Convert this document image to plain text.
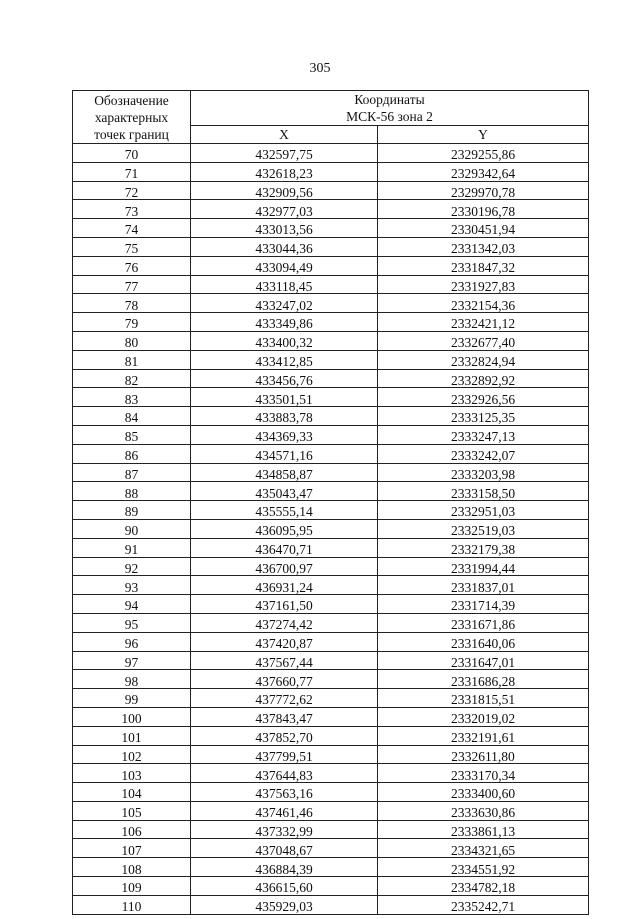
305
Обозначение
характерных
точек границ	Координаты
МСК-56 зона 2	

	X	Y
70	432597,75	2329255,86
71	432618,23	2329342,64
72	432909,56	2329970,78
73	432977,03	2330196,78
74	433013,56	2330451,94
75	433044,36	2331342,03
76	433094,49	2331847,32
77	433118,45	2331927,83
78	433247,02	2332154,36
79	433349,86	2332421,12
80	433400,32	2332677,40
81	433412,85	2332824,94
82	433456,76	2332892,92
83	433501,51	2332926,56
84	433883,78	2333125,35
85	434369,33	2333247,13
86	434571,16	2333242,07
87	434858,87	2333203,98
88	435043,47	2333158,50
89	435555,14	2332951,03
90	436095,95	2332519,03
91	436470,71	2332179,38
92	436700,97	2331994,44
93	436931,24	2331837,01
94	437161,50	2331714,39
95	437274,42	2331671,86
96	437420,87	2331640,06
97	437567,44	2331647,01
98	437660,77	2331686,28
99	437772,62	2331815,51
100	437843,47	2332019,02
101	437852,70	2332191,61
102	437799,51	2332611,80
103	437644,83	2333170,34
104	437563,16	2333400,60
105	437461,46	2333630,86
106	437332,99	2333861,13
107	437048,67	2334321,65
108	436884,39	2334551,92
109	436615,60	2334782,18
110	435929,03	2335242,71
